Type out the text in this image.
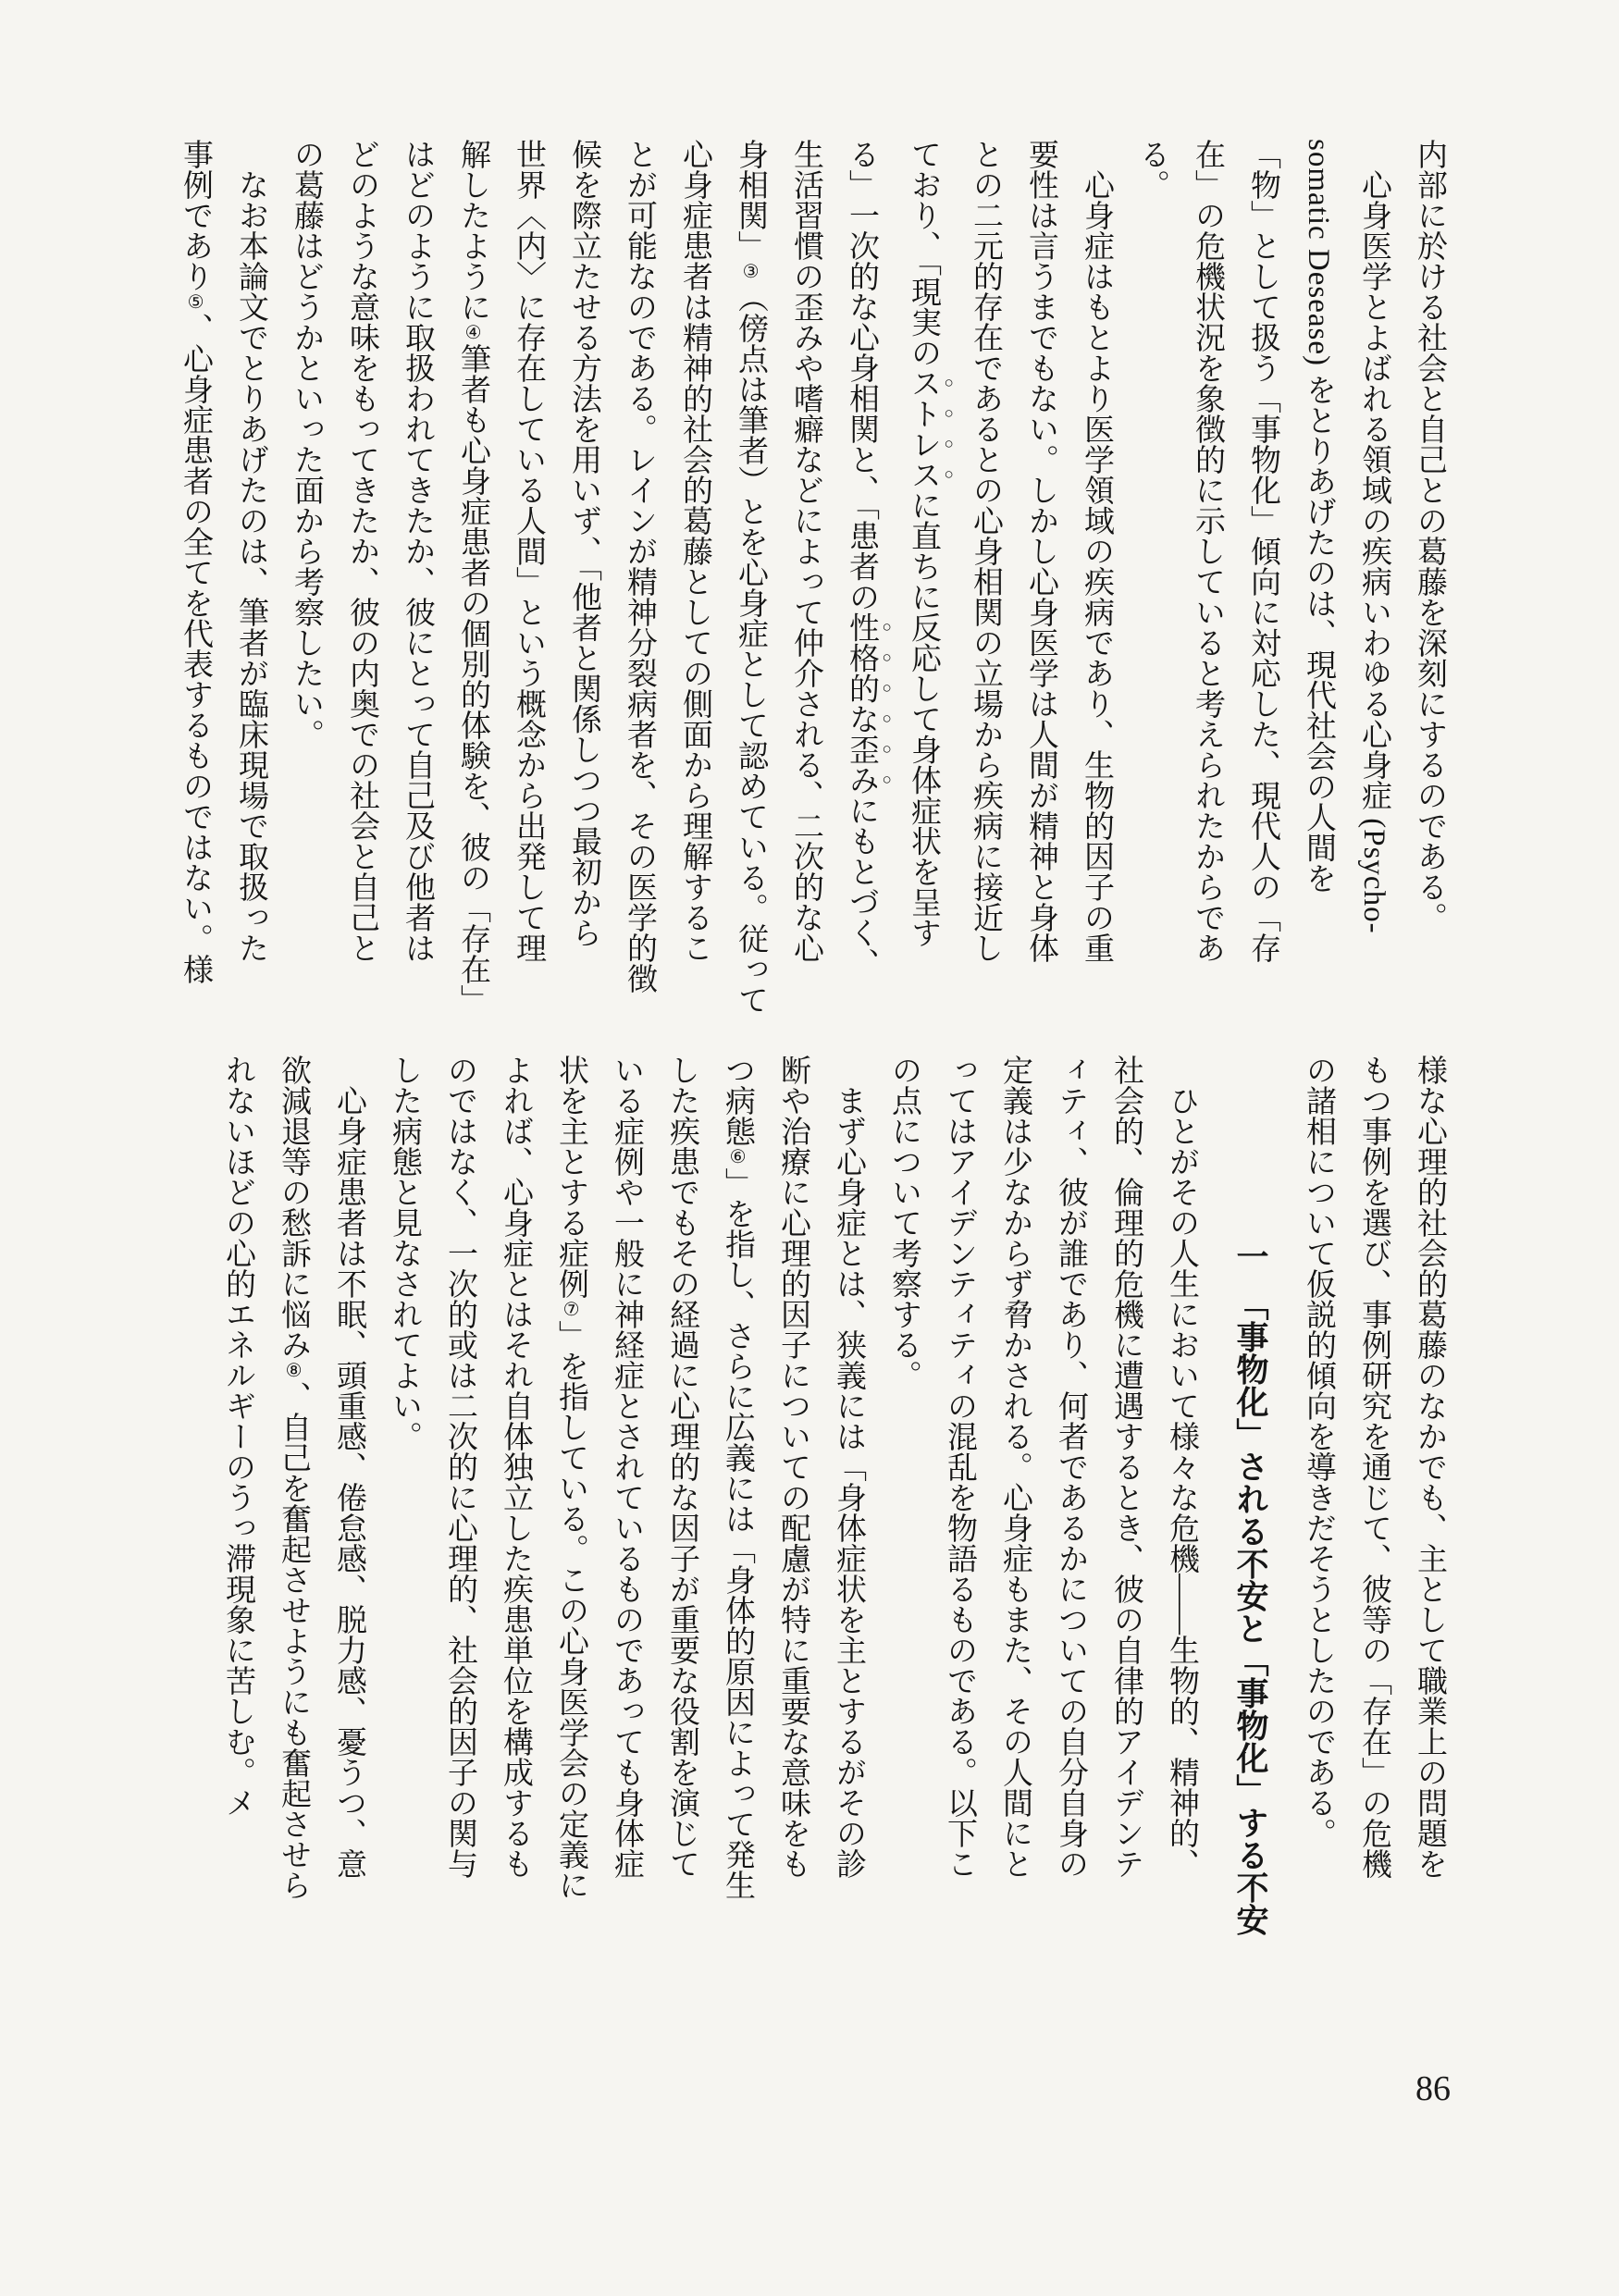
内部に於ける社会と自己との葛藤を深刻にするのである。
心身医学とよばれる領域の疾病いわゆる心身症 (Psycho-
somatic Desease) をとりあげたのは、現代社会の人間を
「物」として扱う「事物化」傾向に対応した、現代人の「存
在」の危機状況を象徴的に示していると考えられたからであ
る。
心身症はもとより医学領域の疾病であり、生物的因子の重
要性は言うまでもない。しかし心身医学は人間が精神と身体
との二元的存在であるとの心身相関の立場から疾病に接近し
ており、「現実のストレスに直ちに反応して身体症状を呈す
る」一次的な心身相関と、「患者の性格的な歪みにもとづく、
生活習慣の歪みや嗜癖などによって仲介される、二次的な心
身相関」③（傍点は筆者）とを心身症として認めている。従って
心身症患者は精神的社会的葛藤としての側面から理解するこ
とが可能なのである。レインが精神分裂病者を、その医学的徴
候を際立たせる方法を用いず、「他者と関係しつつ最初から
世界〈内〉に存在している人間」という概念から出発して理
解したように④筆者も心身症患者の個別的体験を、彼の「存在」
はどのように取扱われてきたか、彼にとって自己及び他者は
どのような意味をもってきたか、彼の内奥での社会と自己と
の葛藤はどうかといった面から考察したい。
なお本論文でとりあげたのは、筆者が臨床現場で取扱った
事例であり⑤、心身症患者の全てを代表するものではない。様
様な心理的社会的葛藤のなかでも、主として職業上の問題を
もつ事例を選び、事例研究を通じて、彼等の「存在」の危機
の諸相について仮説的傾向を導きだそうとしたのである。
一　「事物化」される不安と「事物化」する不安
ひとがその人生において様々な危機——生物的、精神的、
社会的、倫理的危機に遭遇するとき、彼の自律的アイデンテ
ィティ、彼が誰であり、何者であるかについての自分自身の
定義は少なからず脅かされる。心身症もまた、その人間にと
ってはアイデンティティの混乱を物語るものである。以下こ
の点について考察する。
まず心身症とは、狭義には「身体症状を主とするがその診
断や治療に心理的因子についての配慮が特に重要な意味をも
つ病態⑥」を指し、さらに広義には「身体的原因によって発生
した疾患でもその経過に心理的な因子が重要な役割を演じて
いる症例や一般に神経症とされているものであっても身体症
状を主とする症例⑦」を指している。この心身医学会の定義に
よれば、心身症とはそれ自体独立した疾患単位を構成するも
のではなく、一次的或は二次的に心理的、社会的因子の関与
した病態と見なされてよい。
心身症患者は不眠、頭重感、倦怠感、脱力感、憂うつ、意
欲減退等の愁訴に悩み⑧、自己を奮起させようにも奮起させら
れないほどの心的エネルギーのうっ滞現象に苦しむ。メ
86
